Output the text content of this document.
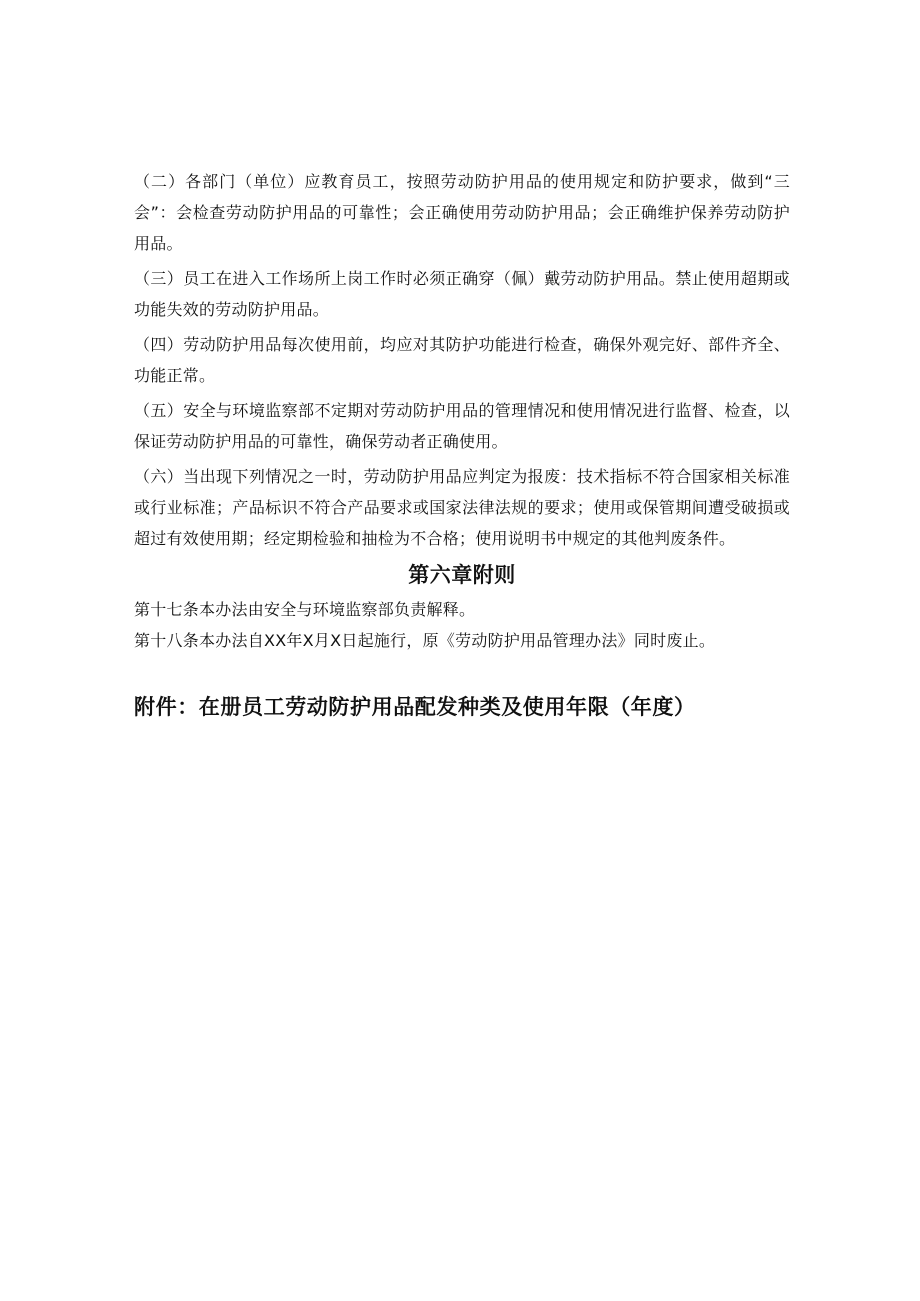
（二）各部门（单位）应教育员工，按照劳动防护用品的使用规定和防护要求，做到“三会”：会检查劳动防护用品的可靠性；会正确使用劳动防护用品；会正确维护保养劳动防护用品。

（三）员工在进入工作场所上岗工作时必须正确穿（佩）戴劳动防护用品。禁止使用超期或功能失效的劳动防护用品。

（四）劳动防护用品每次使用前，均应对其防护功能进行检查，确保外观完好、部件齐全、功能正常。

（五）安全与环境监察部不定期对劳动防护用品的管理情况和使用情况进行监督、检查，以保证劳动防护用品的可靠性，确保劳动者正确使用。

（六）当出现下列情况之一时，劳动防护用品应判定为报废：技术指标不符合国家相关标准或行业标准；产品标识不符合产品要求或国家法律法规的要求；使用或保管期间遭受破损或超过有效使用期；经定期检验和抽检为不合格；使用说明书中规定的其他判废条件。

第六章附则

第十七条本办法由安全与环境监察部负责解释。

第十八条本办法自XX年X月X日起施行，原《劳动防护用品管理办法》同时废止。

附件：在册员工劳动防护用品配发种类及使用年限（年度）
